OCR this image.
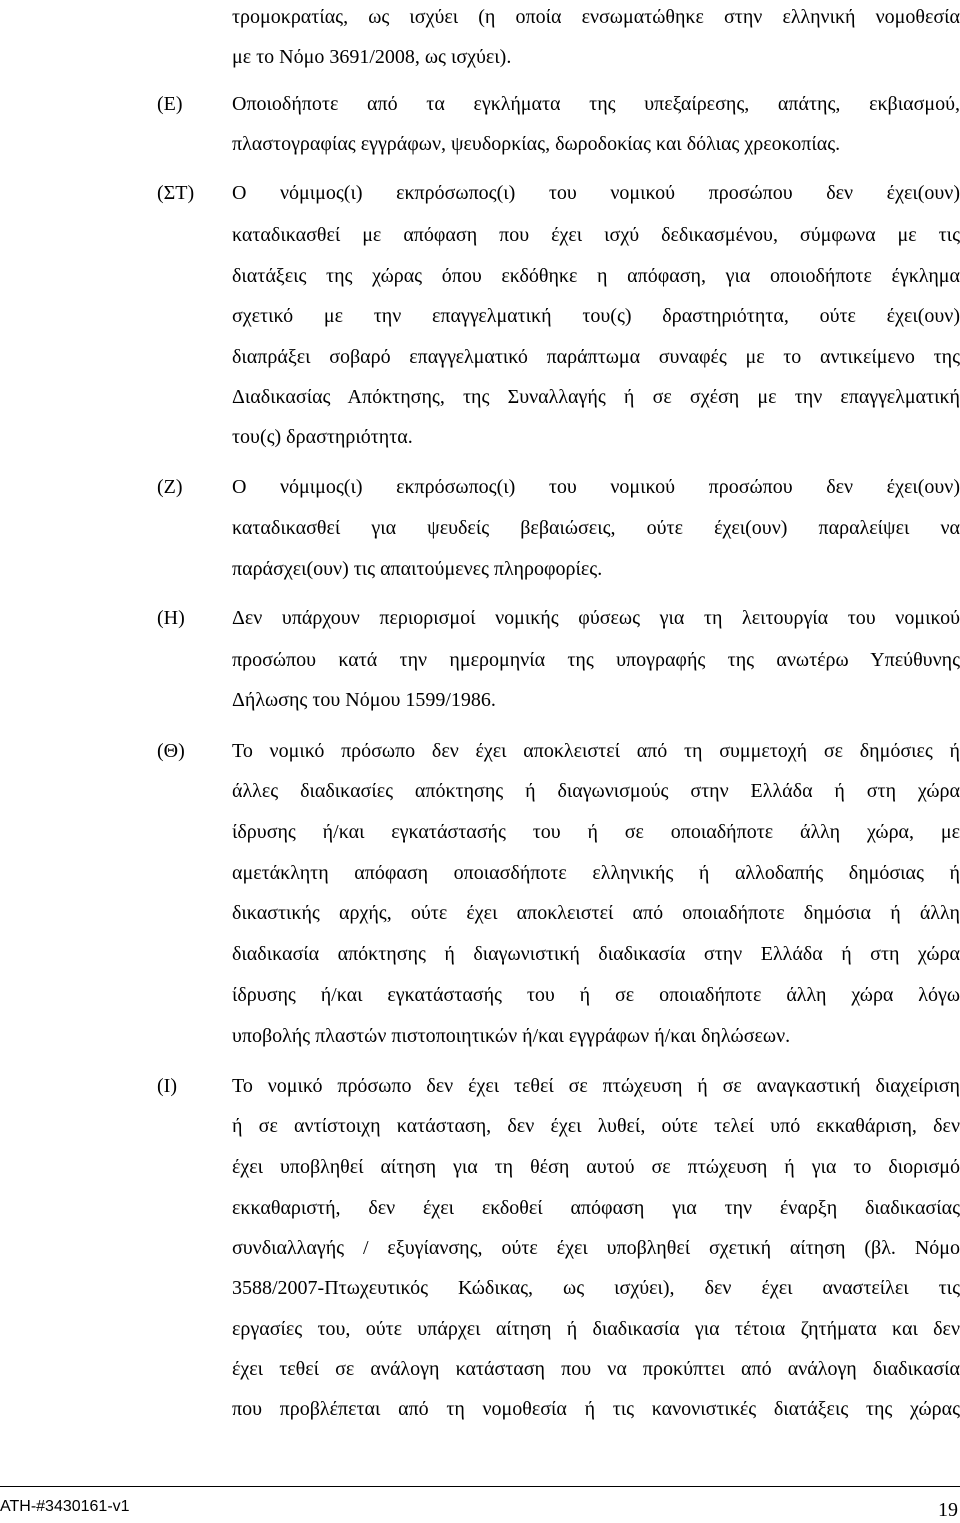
τρομοκρατίας, ως ισχύει (η οποία ενσωματώθηκε στην ελληνική νομοθεσία
με το Νόμο 3691/2008, ως ισχύει).
(Ε) Οποιοδήποτε από τα εγκλήματα της υπεξαίρεσης, απάτης, εκβιασμού,
πλαστογραφίας εγγράφων, ψευδορκίας, δωροδοκίας και δόλιας χρεοκοπίας.
(ΣΤ) Ο νόμιμος(ι) εκπρόσωπος(ι) του νομικού προσώπου δεν έχει(ουν)
καταδικασθεί με απόφαση που έχει ισχύ δεδικασμένου, σύμφωνα με τις
διατάξεις της χώρας όπου εκδόθηκε η απόφαση, για οποιοδήποτε έγκλημα
σχετικό με την επαγγελματική του(ς) δραστηριότητα, ούτε έχει(ουν)
διαπράξει σοβαρό επαγγελματικό παράπτωμα συναφές με το αντικείμενο της
Διαδικασίας Απόκτησης, της Συναλλαγής ή σε σχέση με την επαγγελματική
του(ς) δραστηριότητα.
(Ζ) Ο νόμιμος(ι) εκπρόσωπος(ι) του νομικού προσώπου δεν έχει(ουν)
καταδικασθεί για ψευδείς βεβαιώσεις, ούτε έχει(ουν) παραλείψει να
παράσχει(ουν) τις απαιτούμενες πληροφορίες.
(Η) Δεν υπάρχουν περιορισμοί νομικής φύσεως για τη λειτουργία του νομικού
προσώπου κατά την ημερομηνία της υπογραφής της ανωτέρω Υπεύθυνης
Δήλωσης του Νόμου 1599/1986.
(Θ) Το νομικό πρόσωπο δεν έχει αποκλειστεί από τη συμμετοχή σε δημόσιες ή
άλλες διαδικασίες απόκτησης ή διαγωνισμούς στην Ελλάδα ή στη χώρα
ίδρυσης ή/και εγκατάστασής του ή σε οποιαδήποτε άλλη χώρα, με
αμετάκλητη απόφαση οποιασδήποτε ελληνικής ή αλλοδαπής δημόσιας ή
δικαστικής αρχής, ούτε έχει αποκλειστεί από οποιαδήποτε δημόσια ή άλλη
διαδικασία απόκτησης ή διαγωνιστική διαδικασία στην Ελλάδα ή στη χώρα
ίδρυσης ή/και εγκατάστασής του ή σε οποιαδήποτε άλλη χώρα λόγω
υποβολής πλαστών πιστοποιητικών ή/και εγγράφων ή/και δηλώσεων.
(Ι)	Το νομικό πρόσωπο δεν έχει τεθεί σε πτώχευση ή σε αναγκαστική διαχείριση
ή σε αντίστοιχη κατάσταση, δεν έχει λυθεί, ούτε τελεί υπό εκκαθάριση, δεν
έχει υποβληθεί αίτηση για τη θέση αυτού σε πτώχευση ή για το διορισμό
εκκαθαριστή, δεν έχει εκδοθεί απόφαση για την έναρξη διαδικασίας
συνδιαλλαγής / εξυγίανσης, ούτε έχει υποβληθεί σχετική αίτηση (βλ. Νόμο
3588/2007-Πτωχευτικός Κώδικας, ως ισχύει), δεν έχει αναστείλει τις
εργασίες του, ούτε υπάρχει αίτηση ή διαδικασία για τέτοια ζητήματα και δεν
έχει τεθεί σε ανάλογη κατάσταση που να προκύπτει από ανάλογη διαδικασία
που προβλέπεται από τη νομοθεσία ή τις κανονιστικές διατάξεις της χώρας
ΑΤΗ-#3430161-v1	19
